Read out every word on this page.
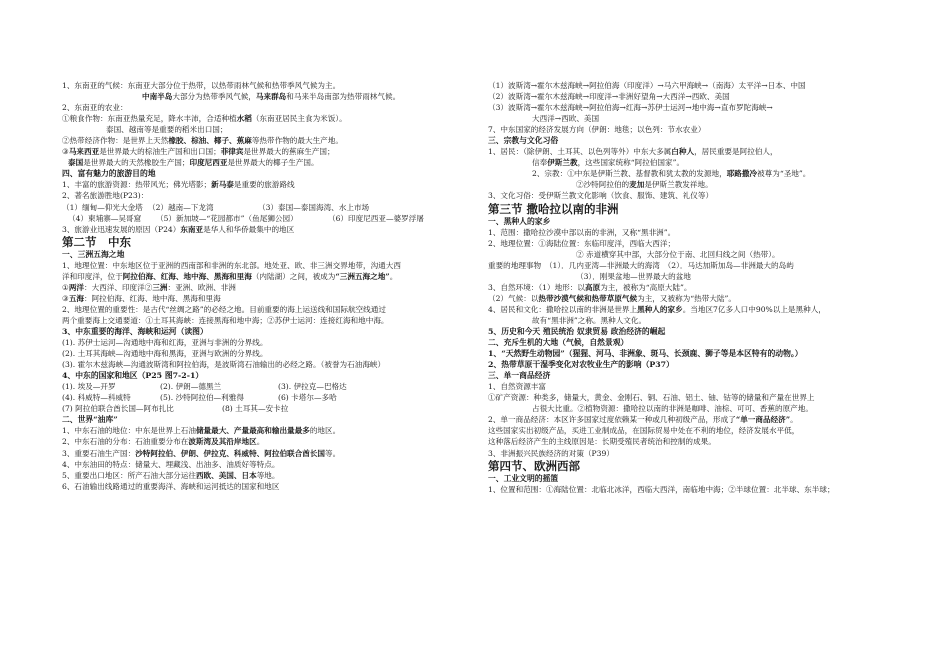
1、东南亚的气候：东南亚大部分位于热带，以热带雨林气候和热带季风气候为主。
中南半岛大部分为热带季风气候，马来群岛和马来半岛南部为热带雨林气候。
2、东南亚的农业：
①粮食作物：东南亚热量充足，降水丰沛，合适种植水稻（东南亚居民主食为米饭）。
泰国、越南等是重要的稻米出口国；
②热带经济作物：是世界上天然橡胶、棕油、椰子、蕉麻等热带作物的最大生产地。
③马来西亚是世界最大的棕油生产国和出口国；菲律宾是世界最大的蕉麻生产国；
泰国是世界最大的天然橡胶生产国；印度尼西亚是世界最大的椰子生产国。
四、富有魅力的旅游目的地
1、丰富的旅游资源：热带风光；佛光塔影；新马泰是重要的旅游路线
2、著名旅游胜地(P23)：
（1）缅甸—仰光大金塔 （2）越南—下龙湾	（3）泰国—泰国海湾、水上市场
（4）柬埔寨—吴哥窟 （5）新加坡—“花园都市”（鱼尾狮公园）	（6）印度尼西亚—婆罗浮屠
3、旅游业迅速发展的原因（P24）东南亚是华人和华侨最集中的地区
第二节　中东
一、三洲五海之地
1、地理位置：中东地区位于亚洲的西南部和非洲的东北部。地处亚、欧、非三洲交界地带，沟通大西
洋和印度洋，位于阿拉伯海、红海、地中海、黑海和里海（内陆湖）之间，被成为“三洲五海之地”。
①两洋：大西洋、印度洋②三洲：亚洲、欧洲、非洲
③五海：阿拉伯海、红海、地中海、黑海和里海
2、地理位置的重要性：是古代“丝绸之路”的必经之地。目前重要的海上运送线和国际航空线通过
两个重要海上交通要道：①土耳其海峡：连接黑海和地中海；②苏伊士运河：连接红海和地中海。
3、中东重要的海洋、海峡和运河（读图）
(1). 苏伊士运河—沟通地中海和红海，亚洲与非洲的分界线。
(2). 土耳其海峡—沟通地中海和黑海，亚洲与欧洲的分界线。
(3). 霍尔木兹海峡—沟通波斯湾和阿拉伯海，是波斯湾石油输出的必经之路。（被誉为石油海峡）
4、中东的国家和地区（P25 图7-2-1）
(1). 埃及—开罗	(2). 伊朗—德黑兰	(3). 伊拉克—巴格达
(4). 科威特—科威特	(5). 沙特阿拉伯—利雅得	(6) 卡塔尔—多哈
(7) 阿拉伯联合酋长国—阿布扎比	(8) 土耳其—安卡拉
二、世界“油库”
1、中东石油的地位：中东是世界上石油储量最大、产量最高和输出量最多的地区。
2、中东石油的分布：石油重要分布在波斯湾及其沿岸地区。
3、重要石油生产国：沙特阿拉伯、伊朗、伊拉克、科威特、阿拉伯联合酋长国等。
4、中东油田的特点：储量大、埋藏浅、出油多、油质好等特点。
5、重要出口地区：所产石油大部分运往西欧、美国、日本等地。
6、石油输出线路通过的重要海洋、海峡和运河抵达的国家和地区
（1）波斯湾→霍尔木兹海峡→阿拉伯海（印度洋）→马六甲海峡→（南海）太平洋→日本、中国
（2）波斯湾→霍尔木兹海峡→印度洋→非洲好望角→大西洋→西欧、美国
（3）波斯湾→霍尔木兹海峡→阿拉伯海→红海→苏伊士运河→地中海→直布罗陀海峡→
大西洋→西欧、美国
7、中东国家的经济发展方向（伊朗：地毯；以色列：节水农业）
三、宗教与文化习俗
1、居民：（除伊朗、土耳其、以色列等外）中东大多属白种人，居民重要是阿拉伯人，
信奉伊斯兰教，这些国家统称“阿拉伯国家”。
2、宗教：①中东是伊斯兰教、基督教和犹太教的发源地，耶路撒冷被尊为“圣地”。
②沙特阿拉伯的麦加是伊斯兰教发祥地。
3、文化习俗：受伊斯兰教文化影响（饮食、服饰、建筑、礼仪等）
第三节 撒哈拉以南的非洲
一、黑种人的家乡
1、范围：撒哈拉沙漠中部以南的非洲，又称“黑非洲”。
2、地理位置：①海陆位置：东临印度洋，西临大西洋；
② 赤道横穿其中部，大部分位于南、北回归线之间（热带）。
重要的地理事物　（1）．几内亚湾—非洲最大的海湾　（2）．马达加斯加岛—非洲最大的岛屿
（3）．刚果盆地—世界最大的盆地
3、自然环境：（1）地形：以高原为主，被称为“高原大陆”。
（2）气候：以热带沙漠气候和热带草原气候为主，又被称为“热带大陆”。
4、居民和文化：撒哈拉以南的非洲是世界上黑种人的家乡。当地区7亿多人口中90%以上是黑种人，
故有“黑非洲”之称。黑种人文化。
5、历史和今天 殖民统治 奴隶贸易 政治经济的崛起
二、充斥生机的大地（气候，自然景观）
1、“天然野生动物园”（猩猩、河马、非洲象、斑马、长颈鹿、狮子等是本区特有的动物。）
2、热带草原干湿季变化对农牧业生产的影响（P37）
三、单一商品经济
1、自然资源丰富
①矿产资源：种类多，储量大，黄金、金刚石、铜、石油、铝土、铀、钴等的储量和产量在世界上
占很大比重。②植物资源：撒哈拉以南的非洲是咖啡、油棕、可可、香蕉的原产地。
2、单一商品经济：本区许多国家过度依赖某一种或几种初级产品，形成了“单一商品经济”。
这些国家实出初级产品，买进工业制成品，在国际贸易中处在不利的地位，经济发展水平低，
这种落后经济产生的主线原因是：长期受殖民者统治和控制的成果。
3、非洲振兴民族经济的对策（P39）
第四节、欧洲西部
一、工业文明的摇篮
1、位置和范围：①海陆位置：北临北冰洋，西临大西洋，南临地中海；②半球位置：北半球、东半球；
